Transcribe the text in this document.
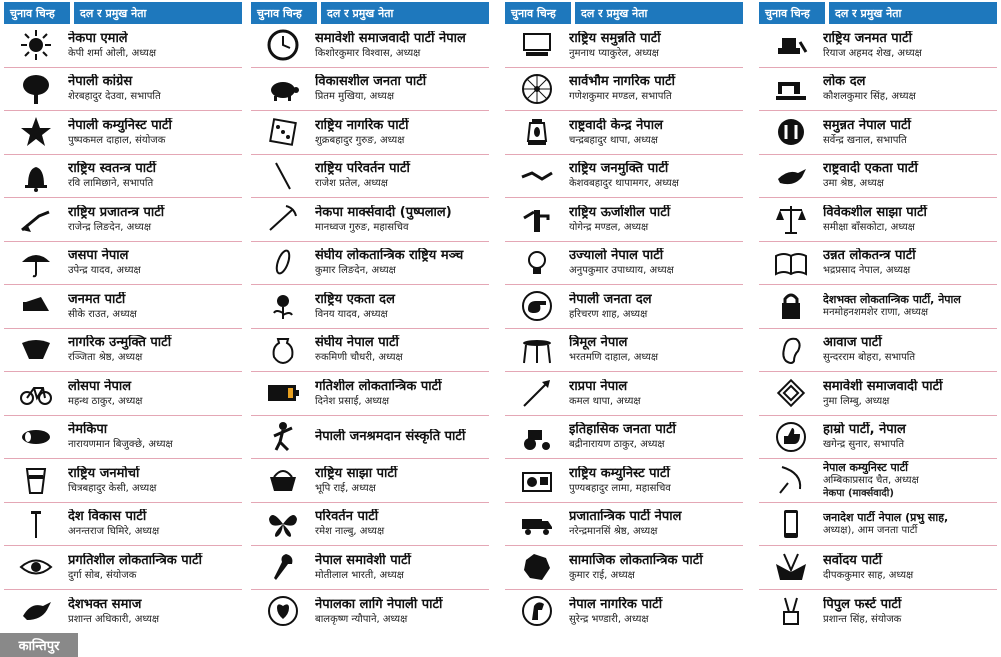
चुनाव चिन्ह	दल र प्रमुख नेता
नेकपा एमाले
केपी शर्मा ओली, अध्यक्ष
नेपाली कांग्रेस
शेरबहादुर देउवा, सभापति
नेपाली कम्युनिस्ट पार्टी
पुष्पकमल दाहाल, संयोजक
राष्ट्रिय स्वतन्त्र पार्टी
रवि लामिछाने, सभापति
राष्ट्रिय प्रजातन्त्र पार्टी
राजेन्द्र लिङदेन, अध्यक्ष
जसपा नेपाल
उपेन्द्र यादव, अध्यक्ष
जनमत पार्टी
सीके राउत, अध्यक्ष
नागरिक उन्मुक्ति पार्टी
रञ्जिता श्रेष्ठ, अध्यक्ष
लोसपा नेपाल
महन्थ ठाकुर, अध्यक्ष
नेमकिपा
नारायणमान बिजुक्छे, अध्यक्ष
राष्ट्रिय जनमोर्चा
चित्रबहादुर केसी, अध्यक्ष
देश विकास पार्टी
अनन्तराज घिमिरे, अध्यक्ष
प्रगतिशील लोकतान्त्रिक पार्टी
दुर्गा सोब, संयोजक
देशभक्त समाज
प्रशान्त अधिकारी, अध्यक्ष
चुनाव चिन्ह	दल र प्रमुख नेता
समावेशी समाजवादी पार्टी नेपाल
किशोरकुमार विश्वास, अध्यक्ष
विकासशील जनता पार्टी
प्रितम मुखिया, अध्यक्ष
राष्ट्रिय नागरिक पार्टी
शुक्रबहादुर गुरुङ, अध्यक्ष
राष्ट्रिय परिवर्तन पार्टी
राजेश प्रतेल, अध्यक्ष
नेकपा मार्क्सवादी (पुष्पलाल)
मानध्वज गुरुङ, महासचिव
संघीय लोकतान्त्रिक राष्ट्रिय मञ्च
कुमार लिङदेन, अध्यक्ष
राष्ट्रिय एकता दल
विनय यादव, अध्यक्ष
संघीय नेपाल पार्टी
रुकमिणी चौधरी, अध्यक्ष
गतिशील लोकतान्त्रिक पार्टी
दिनेश प्रसाई, अध्यक्ष
नेपाली जनश्रमदान संस्कृति पार्टी
राष्ट्रिय साझा पार्टी
भूपि राई, अध्यक्ष
परिवर्तन पार्टी
रमेश नाल्बु, अध्यक्ष
नेपाल समावेशी पार्टी
मोतीलाल भारती, अध्यक्ष
नेपालका लागि नेपाली पार्टी
बालकृष्ण न्यौपाने, अध्यक्ष
चुनाव चिन्ह	दल र प्रमुख नेता
राष्ट्रिय समुन्नति पार्टी
नुमनाथ प्याकुरेल, अध्यक्ष
सार्वभौम नागरिक पार्टी
गणेशकुमार मण्डल, सभापति
राष्ट्रवादी केन्द्र नेपाल
चन्द्रबहादुर थापा, अध्यक्ष
राष्ट्रिय जनमुक्ति पार्टी
केशवबहादुर थापामगर, अध्यक्ष
राष्ट्रिय ऊर्जाशील पार्टी
योगेन्द्र मण्डल, अध्यक्ष
उज्यालो नेपाल पार्टी
अनुपकुमार उपाध्याय, अध्यक्ष
नेपाली जनता दल
हरिचरण शाह, अध्यक्ष
त्रिमूल नेपाल
भरतमणि दाहाल, अध्यक्ष
राप्रपा नेपाल
कमल थापा, अध्यक्ष
इतिहासिक जनता पार्टी
बद्रीनारायण ठाकुर, अध्यक्ष
राष्ट्रिय कम्युनिस्ट पार्टी
पुण्यबहादुर लामा, महासचिव
प्रजातान्त्रिक पार्टी नेपाल
नरेन्द्रमानसिं श्रेष्ठ, अध्यक्ष
सामाजिक लोकतान्त्रिक पार्टी
कुमार राई, अध्यक्ष
नेपाल नागरिक पार्टी
सुरेन्द्र भण्डारी, अध्यक्ष
चुनाव चिन्ह	दल र प्रमुख नेता
राष्ट्रिय जनमत पार्टी
रियाज अहमद शेख, अध्यक्ष
लोक दल
कौशलकुमार सिंह, अध्यक्ष
समुन्नत नेपाल पार्टी
सर्वेन्द्र खनाल, सभापति
राष्ट्रवादी एकता पार्टी
उमा श्रेष्ठ, अध्यक्ष
विवेकशील साझा पार्टी
समीक्षा बाँसकोटा, अध्यक्ष
उन्नत लोकतन्त्र पार्टी
भद्रप्रसाद नेपाल, अध्यक्ष
देशभक्त लोकतान्त्रिक पार्टी, नेपाल
मनमोहनशमशेर राणा, अध्यक्ष
आवाज पार्टी
सुन्दरराम बोहरा, सभापति
समावेशी समाजवादी पार्टी
नुमा लिम्बु, अध्यक्ष
हाम्रो पार्टी, नेपाल
खगेन्द्र सुनार, सभापति
नेपाल कम्युनिस्ट पार्टी
अम्बिकाप्रसाद चैत, अध्यक्ष
नेकपा (मार्क्सवादी)
जनादेश पार्टी नेपाल (प्रभु साह,
अध्यक्ष), आम जनता पार्टी
सर्वोदय पार्टी
दीपककुमार साह, अध्यक्ष
पिपुल फर्स्ट पार्टी
प्रशान्त सिंह, संयोजक
कान्तिपुर
